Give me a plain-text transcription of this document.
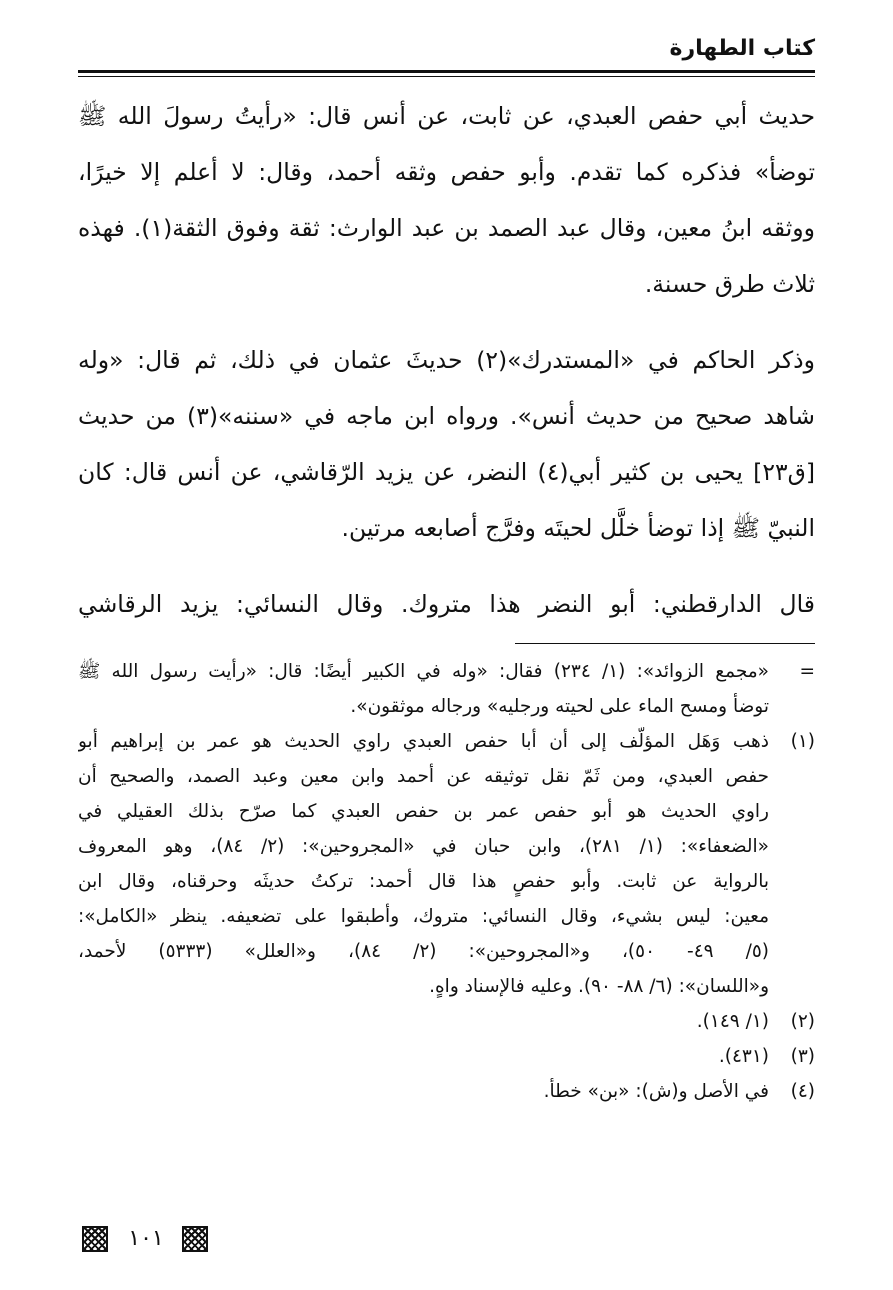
كتاب الطهارة
حديث أبي حفص العبدي، عن ثابت، عن أنس قال: «رأيتُ رسولَ الله ﷺ
توضأ» فذكره كما تقدم. وأبو حفص وثقه أحمد، وقال: لا أعلم إلا خيرًا،
ووثقه ابنُ معين، وقال عبد الصمد بن عبد الوارث: ثقة وفوق الثقة(١). فهذه
ثلاث طرق حسنة.
وذكر الحاكم في «المستدرك»(٢) حديثَ عثمان في ذلك، ثم قال: «وله
شاهد صحيح من حديث أنس». ورواه ابن ماجه في «سننه»(٣) من حديث
[ق٢٣] يحيى بن كثير أبي(٤) النضر، عن يزيد الرّقاشي، عن أنس قال: كان
النبيّ ﷺ إذا توضأ خلَّل لحيتَه وفرَّج أصابعه مرتين.
قال الدارقطني: أبو النضر هذا متروك. وقال النسائي: يزيد الرقاشي
=
«مجمع الزوائد»: (١/ ٢٣٤) فقال: «وله في الكبير أيضًا: قال: «رأيت رسول الله ﷺ
توضأ ومسح الماء على لحيته ورجليه» ورجاله موثقون».
(١)
ذهب وَهَل المؤلّف إلى أن أبا حفص العبدي راوي الحديث هو عمر بن إبراهيم أبو
حفص العبدي، ومن ثَمّ نقل توثيقه عن أحمد وابن معين وعبد الصمد، والصحيح أن
راوي الحديث هو أبو حفص عمر بن حفص العبدي كما صرّح بذلك العقيلي في
«الضعفاء»: (١/ ٢٨١)، وابن حبان في «المجروحين»: (٢/ ٨٤)، وهو المعروف
بالرواية عن ثابت. وأبو حفصٍ هذا قال أحمد: تركتُ حديثَه وحرقناه، وقال ابن
معين: ليس بشيء، وقال النسائي: متروك، وأطبقوا على تضعيفه. ينظر «الكامل»:
(٥/ ٤٩- ٥٠)، و«المجروحين»: (٢/ ٨٤)، و«العلل» (٥٣٣٣) لأحمد،
و«اللسان»: (٦/ ٨٨- ٩٠). وعليه فالإسناد واهٍ.
(٢)
(١/ ١٤٩).
(٣)
(٤٣١).
(٤)
في الأصل و(ش): «بن» خطأ.
١٠١
